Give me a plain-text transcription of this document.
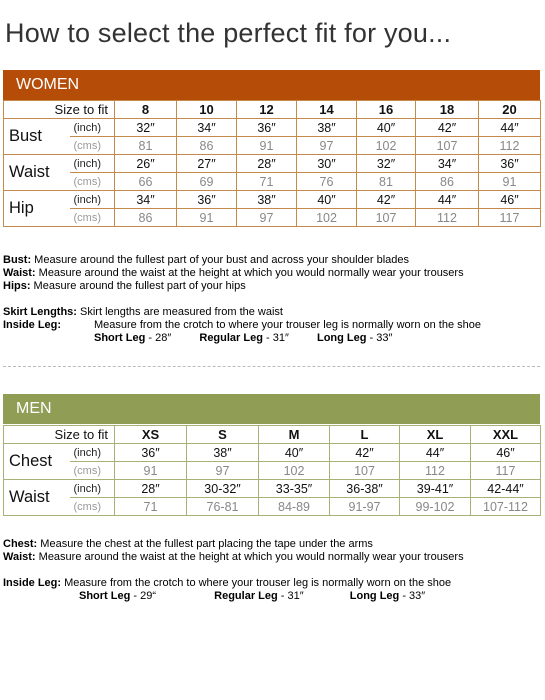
How to select the perfect fit for you...
WOMEN
Size to fit		8	10	12	14	16	18	20
Bust	(inch)	32″	34″	36″	38″	40″	42″	44″
	(cms)	81	86	91	97	102	107	112
Waist	(inch)	26″	27″	28″	30″	32″	34″	36″
	(cms)	66	69	71	76	81	86	91
Hip	(inch)	34″	36″	38″	40″	42″	44″	46″
	(cms)	86	91	97	102	107	112	117
Bust: Measure around the fullest part of your bust and across your shoulder blades
Waist: Measure around the waist at the height at which you would normally wear your trousers
Hips: Measure around the fullest part of your hips
Skirt Lengths: Skirt lengths are measured from the waist
Inside Leg:	Measure from the crotch to where your trouser leg is normally worn on the shoe
Short Leg - 28″	Regular Leg - 31″	Long Leg - 33″
MEN
Size to fit		XS	S	M	L	XL	XXL
Chest	(inch)	36″	38″	40″	42″	44″	46″
	(cms)	91	97	102	107	112	117
Waist	(inch)	28″	30-32″	33-35″	36-38″	39-41″	42-44″
	(cms)	71	76-81	84-89	91-97	99-102	107-112
Chest: Measure the chest at the fullest part placing the tape under the arms
Waist: Measure around the waist at the height at which you would normally wear your trousers
Inside Leg: Measure from the crotch to where your trouser leg is normally worn on the shoe
Short Leg - 29“	Regular Leg - 31″	Long Leg - 33″
